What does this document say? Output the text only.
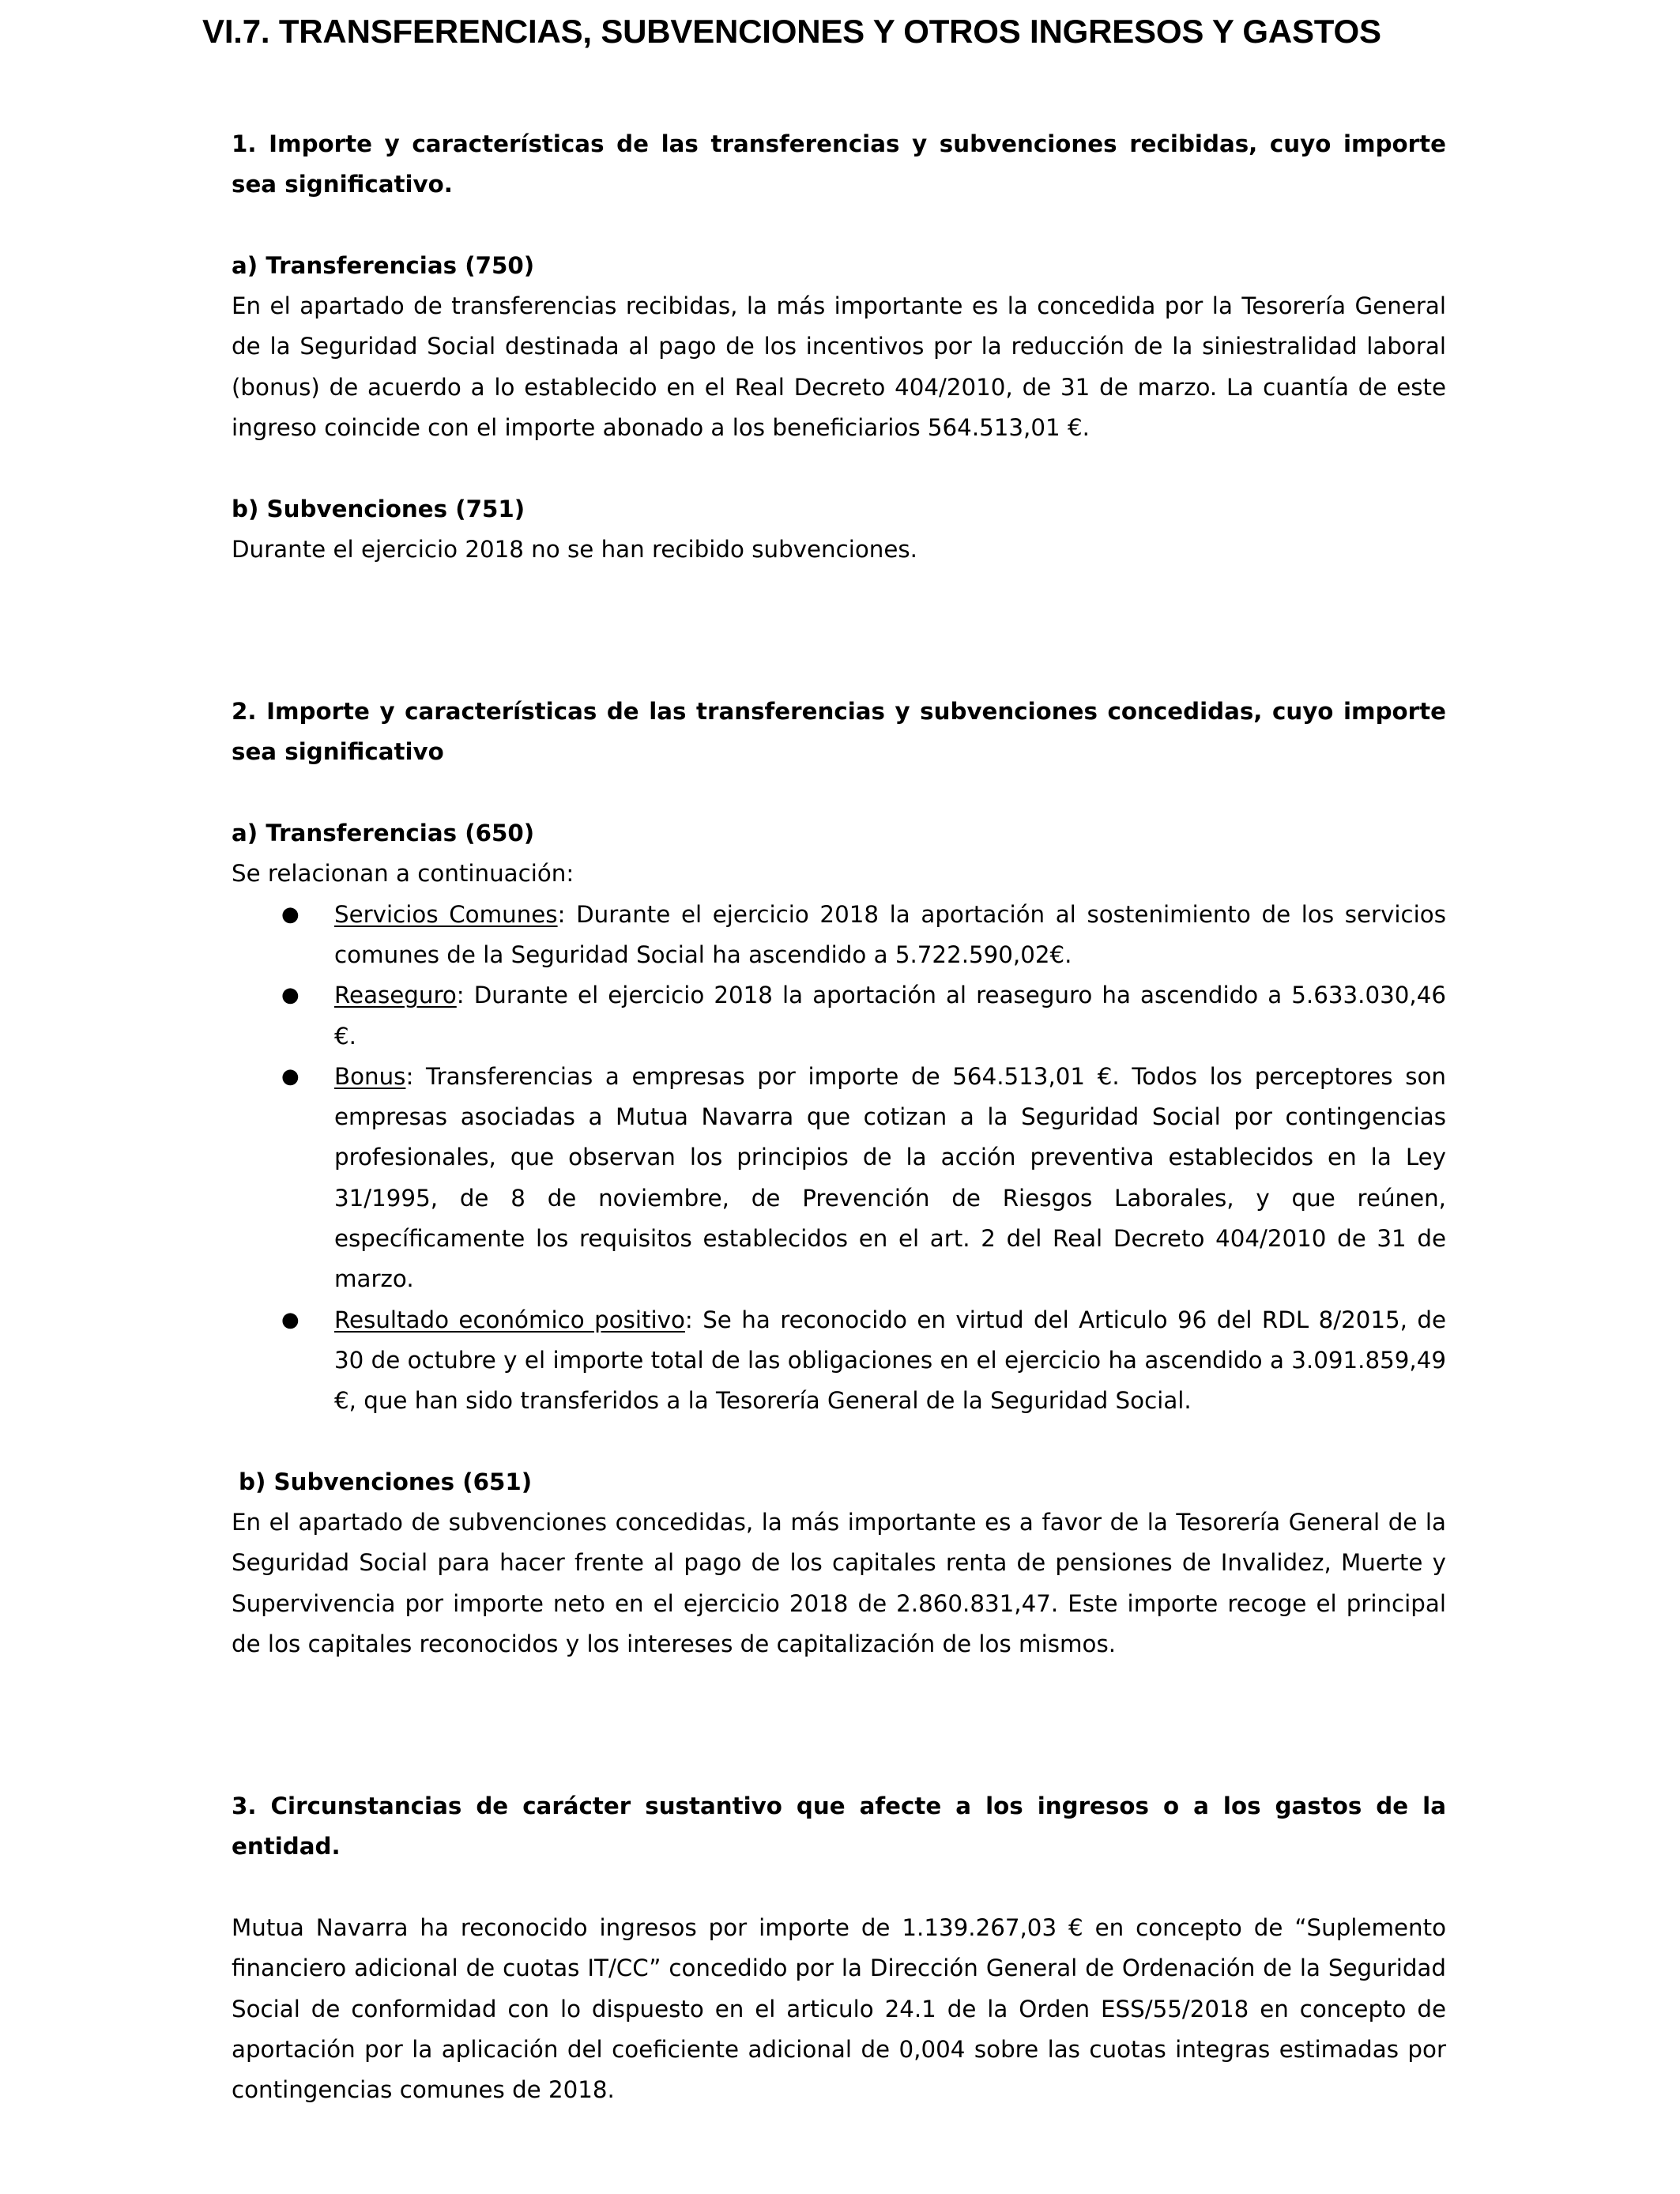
VI.7. TRANSFERENCIAS, SUBVENCIONES Y OTROS INGRESOS Y GASTOS

1. Importe y características de las transferencias y subvenciones recibidas, cuyo importe sea significativo.

a) Transferencias (750)

En el apartado de transferencias recibidas, la más importante es la concedida por la Tesorería General de la Seguridad Social destinada al pago de los incentivos por la reducción de la siniestralidad laboral (bonus) de acuerdo a lo establecido en el Real Decreto 404/2010, de 31 de marzo. La cuantía de este ingreso coincide con el importe abonado a los beneficiarios 564.513,01 €.

b) Subvenciones (751)

Durante el ejercicio 2018 no se han recibido subvenciones.

2. Importe y características de las transferencias y subvenciones concedidas, cuyo importe sea significativo

a) Transferencias (650)

Se relacionan a continuación:

● Servicios Comunes: Durante el ejercicio 2018 la aportación al sostenimiento de los servicios comunes de la Seguridad Social ha ascendido a 5.722.590,02€.
● Reaseguro: Durante el ejercicio 2018 la aportación al reaseguro ha ascendido a 5.633.030,46 €.
● Bonus: Transferencias a empresas por importe de 564.513,01 €. Todos los perceptores son empresas asociadas a Mutua Navarra que cotizan a la Seguridad Social por contingencias profesionales, que observan los principios de la acción preventiva establecidos en la Ley 31/1995, de 8 de noviembre, de Prevención de Riesgos Laborales, y que reúnen, específicamente los requisitos establecidos en el art. 2 del Real Decreto 404/2010 de 31 de marzo.
● Resultado económico positivo: Se ha reconocido en virtud del Articulo 96 del RDL 8/2015, de 30 de octubre y el importe total de las obligaciones en el ejercicio ha ascendido a 3.091.859,49 €, que han sido transferidos a la Tesorería General de la Seguridad Social.

b) Subvenciones (651)

En el apartado de subvenciones concedidas, la más importante es a favor de la Tesorería General de la Seguridad Social para hacer frente al pago de los capitales renta de pensiones de Invalidez, Muerte y Supervivencia por importe neto en el ejercicio 2018 de 2.860.831,47. Este importe recoge el principal de los capitales reconocidos y los intereses de capitalización de los mismos.

3. Circunstancias de carácter sustantivo que afecte a los ingresos o a los gastos de la entidad.

Mutua Navarra ha reconocido ingresos por importe de 1.139.267,03 € en concepto de “Suplemento financiero adicional de cuotas IT/CC” concedido por la Dirección General de Ordenación de la Seguridad Social de conformidad con lo dispuesto en el articulo 24.1 de la Orden ESS/55/2018 en concepto de aportación por la aplicación del coeficiente adicional de 0,004 sobre las cuotas integras estimadas por contingencias comunes de 2018.
